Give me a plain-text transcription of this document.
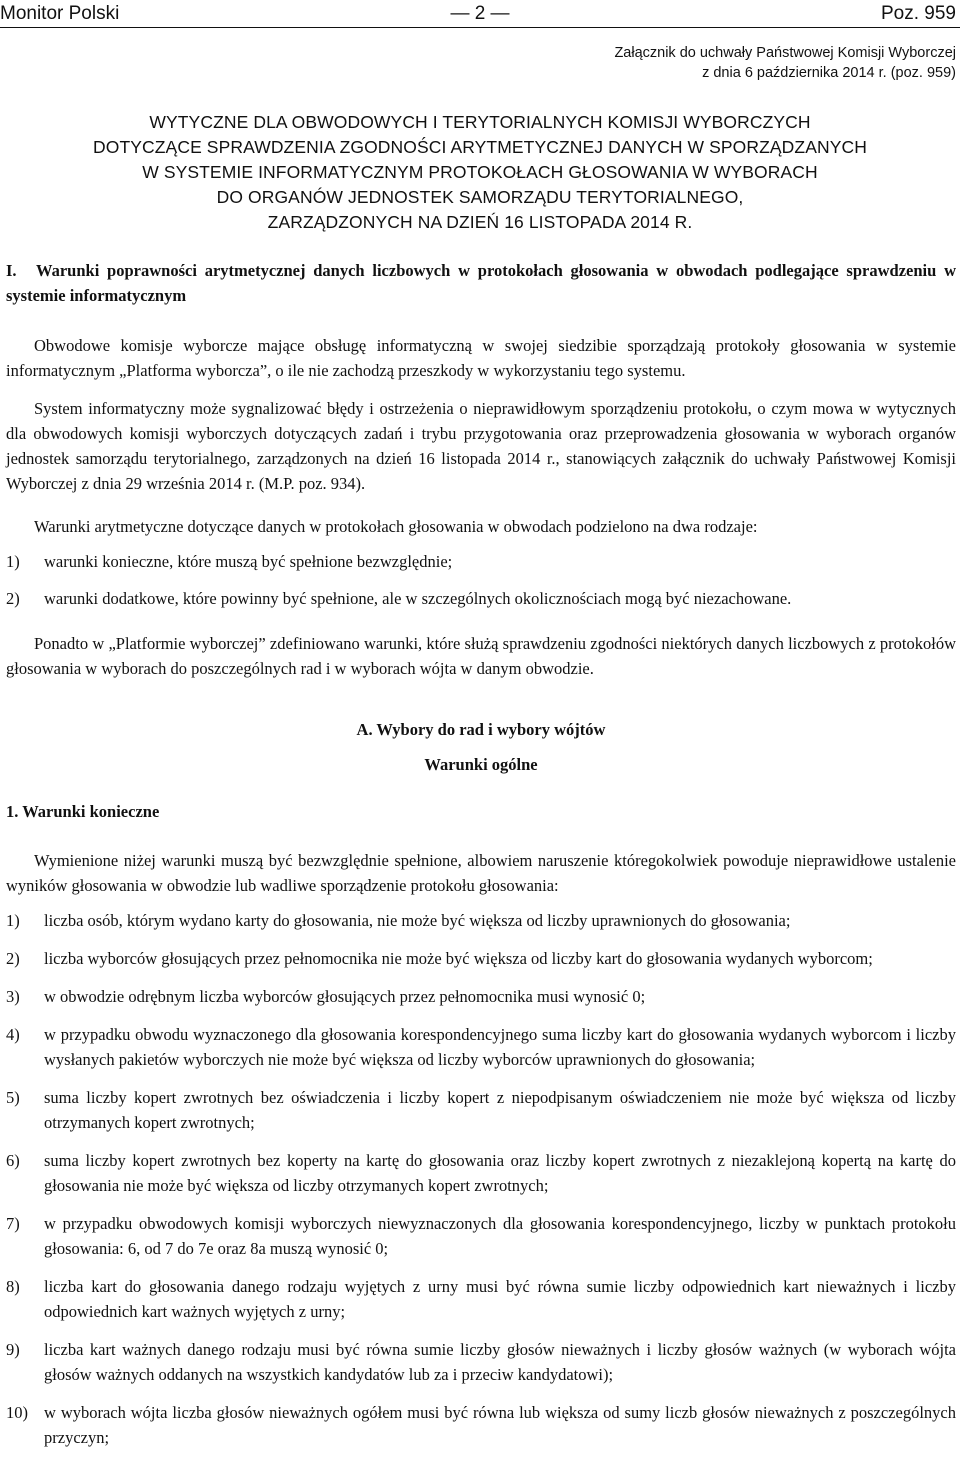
Monitor Polski	— 2 —	Poz. 959
Załącznik do uchwały Państwowej Komisji Wyborczej
z dnia 6 października 2014 r. (poz. 959)
WYTYCZNE DLA OBWODOWYCH I TERYTORIALNYCH KOMISJI WYBORCZYCH
DOTYCZĄCE SPRAWDZENIA ZGODNOŚCI ARYTMETYCZNEJ DANYCH W SPORZĄDZANYCH
W SYSTEMIE INFORMATYCZNYM PROTOKOŁACH GŁOSOWANIA W WYBORACH
DO ORGANÓW JEDNOSTEK SAMORZĄDU TERYTORIALNEGO,
ZARZĄDZONYCH NA DZIEŃ 16 LISTOPADA 2014 R.
I. Warunki poprawności arytmetycznej danych liczbowych w protokołach głosowania w obwodach podlegające sprawdzeniu w systemie informatycznym

Obwodowe komisje wyborcze mające obsługę informatyczną w swojej siedzibie sporządzają protokoły głosowania w systemie informatycznym „Platforma wyborcza”, o ile nie zachodzą przeszkody w wykorzystaniu tego systemu.

System informatyczny może sygnalizować błędy i ostrzeżenia o nieprawidłowym sporządzeniu protokołu, o czym mowa w wytycznych dla obwodowych komisji wyborczych dotyczących zadań i trybu przygotowania oraz przeprowadzenia głosowania w wyborach organów jednostek samorządu terytorialnego, zarządzonych na dzień 16 listopada 2014 r., stanowiących załącznik do uchwały Państwowej Komisji Wyborczej z dnia 29 września 2014 r. (M.P. poz. 934).

Warunki arytmetyczne dotyczące danych w protokołach głosowania w obwodach podzielono na dwa rodzaje:

1) warunki konieczne, które muszą być spełnione bezwzględnie;
2) warunki dodatkowe, które powinny być spełnione, ale w szczególnych okolicznościach mogą być niezachowane.

Ponadto w „Platformie wyborczej” zdefiniowano warunki, które służą sprawdzeniu zgodności niektórych danych liczbowych z protokołów głosowania w wyborach do poszczególnych rad i w wyborach wójta w danym obwodzie.

A. Wybory do rad i wybory wójtów
Warunki ogólne
1. Warunki konieczne

Wymienione niżej warunki muszą być bezwzględnie spełnione, albowiem naruszenie któregokolwiek powoduje nieprawidłowe ustalenie wyników głosowania w obwodzie lub wadliwe sporządzenie protokołu głosowania:

1) liczba osób, którym wydano karty do głosowania, nie może być większa od liczby uprawnionych do głosowania;
2) liczba wyborców głosujących przez pełnomocnika nie może być większa od liczby kart do głosowania wydanych wyborcom;
3) w obwodzie odrębnym liczba wyborców głosujących przez pełnomocnika musi wynosić 0;
4) w przypadku obwodu wyznaczonego dla głosowania korespondencyjnego suma liczby kart do głosowania wydanych wyborcom i liczby wysłanych pakietów wyborczych nie może być większa od liczby wyborców uprawnionych do głosowania;
5) suma liczby kopert zwrotnych bez oświadczenia i liczby kopert z niepodpisanym oświadczeniem nie może być większa od liczby otrzymanych kopert zwrotnych;
6) suma liczby kopert zwrotnych bez koperty na kartę do głosowania oraz liczby kopert zwrotnych z niezaklejoną kopertą na kartę do głosowania nie może być większa od liczby otrzymanych kopert zwrotnych;
7) w przypadku obwodowych komisji wyborczych niewyznaczonych dla głosowania korespondencyjnego, liczby w punktach protokołu głosowania: 6, od 7 do 7e oraz 8a muszą wynosić 0;
8) liczba kart do głosowania danego rodzaju wyjętych z urny musi być równa sumie liczby odpowiednich kart nieważnych i liczby odpowiednich kart ważnych wyjętych z urny;
9) liczba kart ważnych danego rodzaju musi być równa sumie liczby głosów nieważnych i liczby głosów ważnych (w wyborach wójta głosów ważnych oddanych na wszystkich kandydatów lub za i przeciw kandydatowi);
10) w wyborach wójta liczba głosów nieważnych ogółem musi być równa lub większa od sumy liczb głosów nieważnych z poszczególnych przyczyn;
